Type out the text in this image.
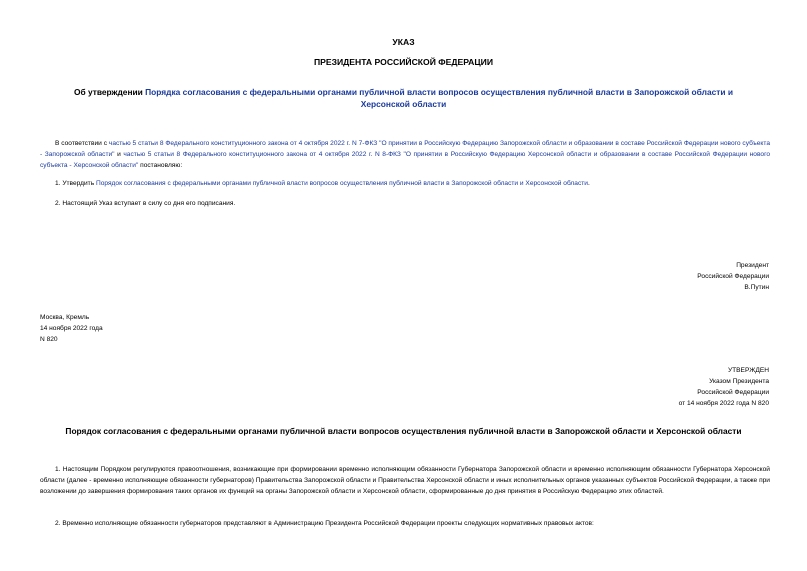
УКАЗ
ПРЕЗИДЕНТА РОССИЙСКОЙ ФЕДЕРАЦИИ
Об утверждении Порядка согласования с федеральными органами публичной власти вопросов осуществления публичной власти в Запорожской области и Херсонской области
В соответствии с частью 5 статьи 8 Федерального конституционного закона от 4 октября 2022 г. N 7-ФКЗ "О принятии в Российскую Федерацию Запорожской области и образовании в составе Российской Федерации нового субъекта - Запорожской области" и частью 5 статьи 8 Федерального конституционного закона от 4 октября 2022 г. N 8-ФКЗ "О принятии в Российскую Федерацию Херсонской области и образовании в составе Российской Федерации нового субъекта - Херсонской области" постановляю:
1. Утвердить Порядок согласования с федеральными органами публичной власти вопросов осуществления публичной власти в Запорожской области и Херсонской области.
2. Настоящий Указ вступает в силу со дня его подписания.
Президент
Российской Федерации
В.Путин
Москва, Кремль
14 ноября 2022 года
N 820
УТВЕРЖДЕН
Указом Президента
Российской Федерации
от 14 ноября 2022 года N 820
Порядок согласования с федеральными органами публичной власти вопросов осуществления публичной власти в Запорожской области и Херсонской области
1. Настоящим Порядком регулируются правоотношения, возникающие при формировании временно исполняющим обязанности Губернатора Запорожской области и временно исполняющим обязанности Губернатора Херсонской области (далее - временно исполняющие обязанности губернаторов) Правительства Запорожской области и Правительства Херсонской области и иных исполнительных органов указанных субъектов Российской Федерации, а также при возложении до завершения формирования таких органов их функций на органы Запорожской области и Херсонской области, сформированные до дня принятия в Российскую Федерацию этих областей.
2. Временно исполняющие обязанности губернаторов представляют в Администрацию Президента Российской Федерации проекты следующих нормативных правовых актов:
